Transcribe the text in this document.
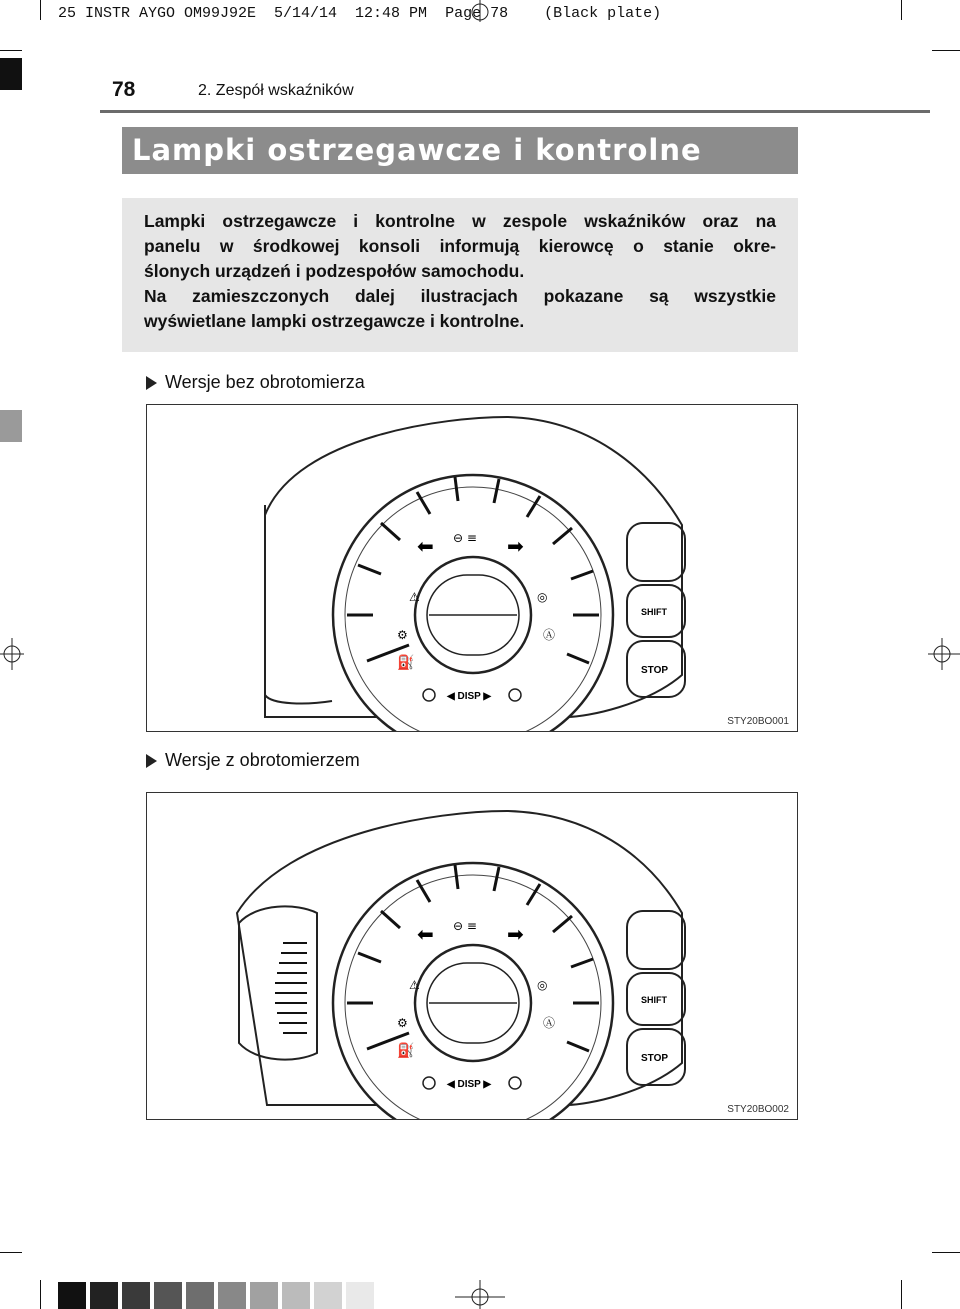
25 INSTR AYGO OM99J92E  5/14/14  12:48 PM  Page 78    (Black plate)
78	2. Zespół wskaźników
Lampki ostrzegawcze i kontrolne
Lampki ostrzegawcze i kontrolne w zespole wskaźników oraz na
panelu w środkowej konsoli informują kierowcę o stanie okre-
ślonych urządzeń i podzespołów samochodu.
Na zamieszczonych dalej ilustracjach pokazane są wszystkie
wyświetlane lampki ostrzegawcze i kontrolne.
Wersje bez obrotomierza
⊖ ≡
⬅	➡
⚠	◎
⚙	Ⓐ
⛽
◀ DISP ▶
SHIFT
STOP
STY20BO001
Wersje z obrotomierzem
⊖ ≡
⬅	➡
⚠	◎
⚙	Ⓐ
⛽
◀ DISP ▶
SHIFT
STOP
STY20BO002
